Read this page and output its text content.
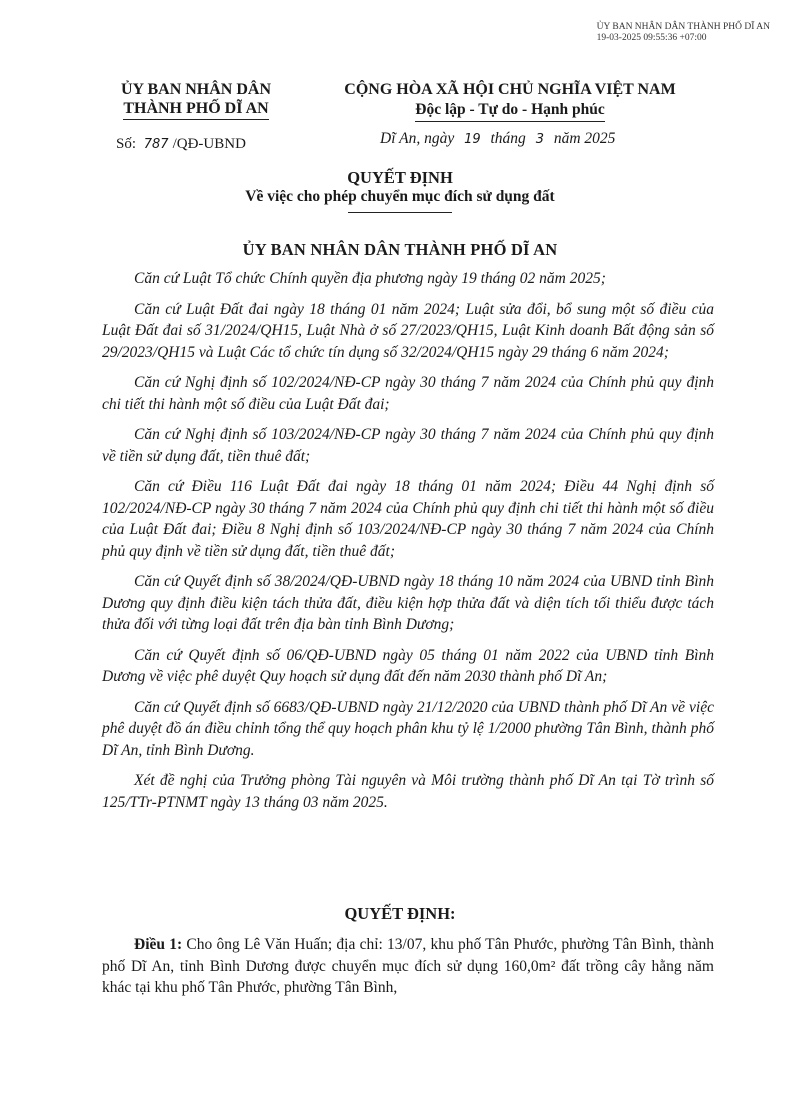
ỦY BAN NHÂN DÂN THÀNH PHỐ DĨ AN
19-03-2025 09:55:36 +07:00
ỦY BAN NHÂN DÂN
THÀNH PHỐ DĨ AN
CỘNG HÒA XÃ HỘI CHỦ NGHĨA VIỆT NAM
Độc lập - Tự do - Hạnh phúc
Số: 787 /QĐ-UBND	Dĩ An, ngày 19 tháng 3 năm 2025
QUYẾT ĐỊNH
Về việc cho phép chuyển mục đích sử dụng đất
ỦY BAN NHÂN DÂN THÀNH PHỐ DĨ AN

Căn cứ Luật Tổ chức Chính quyền địa phương ngày 19 tháng 02 năm 2025;

Căn cứ Luật Đất đai ngày 18 tháng 01 năm 2024; Luật sửa đổi, bổ sung một số điều của Luật Đất đai số 31/2024/QH15, Luật Nhà ở số 27/2023/QH15, Luật Kinh doanh Bất động sản số 29/2023/QH15 và Luật Các tổ chức tín dụng số 32/2024/QH15 ngày 29 tháng 6 năm 2024;

Căn cứ Nghị định số 102/2024/NĐ-CP ngày 30 tháng 7 năm 2024 của Chính phủ quy định chi tiết thi hành một số điều của Luật Đất đai;

Căn cứ Nghị định số 103/2024/NĐ-CP ngày 30 tháng 7 năm 2024 của Chính phủ quy định về tiền sử dụng đất, tiền thuê đất;

Căn cứ Điều 116 Luật Đất đai ngày 18 tháng 01 năm 2024; Điều 44 Nghị định số 102/2024/NĐ-CP ngày 30 tháng 7 năm 2024 của Chính phủ quy định chi tiết thi hành một số điều của Luật Đất đai; Điều 8 Nghị định số 103/2024/NĐ-CP ngày 30 tháng 7 năm 2024 của Chính phủ quy định về tiền sử dụng đất, tiền thuê đất;

Căn cứ Quyết định số 38/2024/QĐ-UBND ngày 18 tháng 10 năm 2024 của UBND tỉnh Bình Dương quy định điều kiện tách thửa đất, điều kiện hợp thửa đất và diện tích tối thiểu được tách thửa đối với từng loại đất trên địa bàn tỉnh Bình Dương;

Căn cứ Quyết định số 06/QĐ-UBND ngày 05 tháng 01 năm 2022 của UBND tỉnh Bình Dương về việc phê duyệt Quy hoạch sử dụng đất đến năm 2030 thành phố Dĩ An;

Căn cứ Quyết định số 6683/QĐ-UBND ngày 21/12/2020 của UBND thành phố Dĩ An về việc phê duyệt đồ án điều chỉnh tổng thể quy hoạch phân khu tỷ lệ 1/2000 phường Tân Bình, thành phố Dĩ An, tỉnh Bình Dương.

Xét đề nghị của Trưởng phòng Tài nguyên và Môi trường thành phố Dĩ An tại Tờ trình số 125/TTr-PTNMT ngày 13 tháng 03 năm 2025.

QUYẾT ĐỊNH:

Điều 1: Cho ông Lê Văn Huấn; địa chỉ: 13/07, khu phố Tân Phước, phường Tân Bình, thành phố Dĩ An, tỉnh Bình Dương được chuyển mục đích sử dụng 160,0m² đất trồng cây hằng năm khác tại khu phố Tân Phước, phường Tân Bình,
